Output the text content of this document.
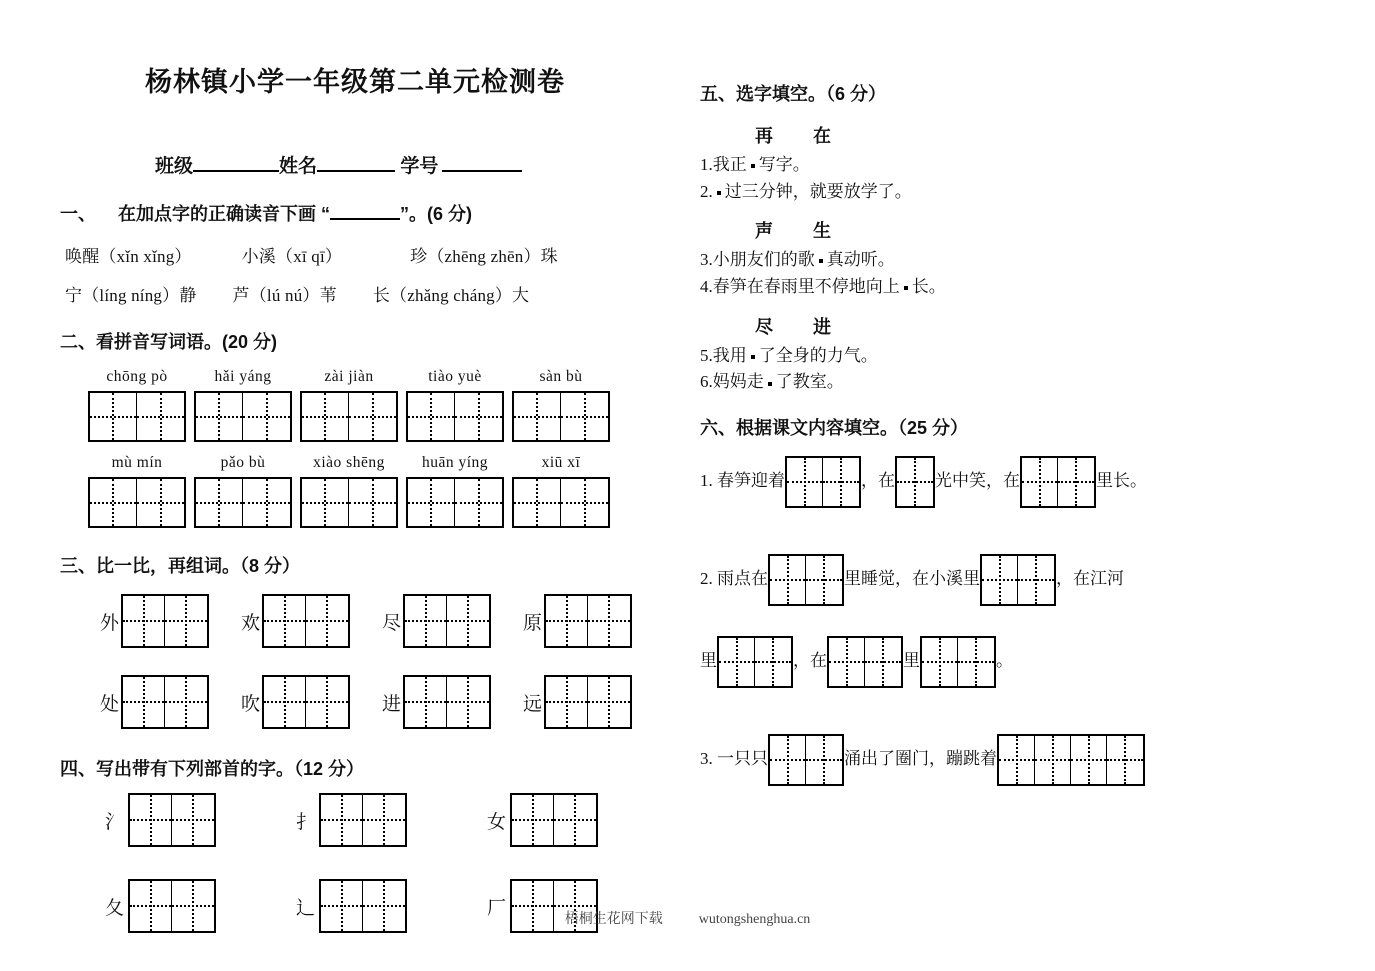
杨林镇小学一年级第二单元检测卷
班级	姓名	学号
一、 在加点字的正确读音下画 “	”。(6 分)
唤醒（xǐn xǐng）	小溪（xī qī）	珍（zhēng zhēn）珠
宁（líng níng）静 芦（lú nú）苇 长（zhǎng cháng）大
二、看拼音写词语。(20 分)
chōng pò	hǎi yáng	zài jiàn	tiào yuè	sàn bù
mù mín	pǎo bù	xiào shēng	huān yíng	xiū xī
三、比一比，再组词。（8 分）
外	欢	尽	原
处	吹	进	远
四、写出带有下列部首的字。（12 分）
氵	扌	女
夂	辶	厂
五、选字填空。（6 分）
再 在
1.我正 写字。
2.过三分钟，就要放学了。
声 生
3.小朋友们的歌 真动听。
4.春笋在春雨里不停地向上 长。
尽 进
5.我用 了全身的力气。
6.妈妈走 了教室。
六、根据课文内容填空。（25 分）
1. 春笋迎着	，在 光中笑，在	里长。
2. 雨点在	里睡觉，在小溪里	，在江河
里	，在	里	。
3. 一只只	涌出了圈门，蹦跳着
梧桐生花网下载	wutongshenghua.cn
